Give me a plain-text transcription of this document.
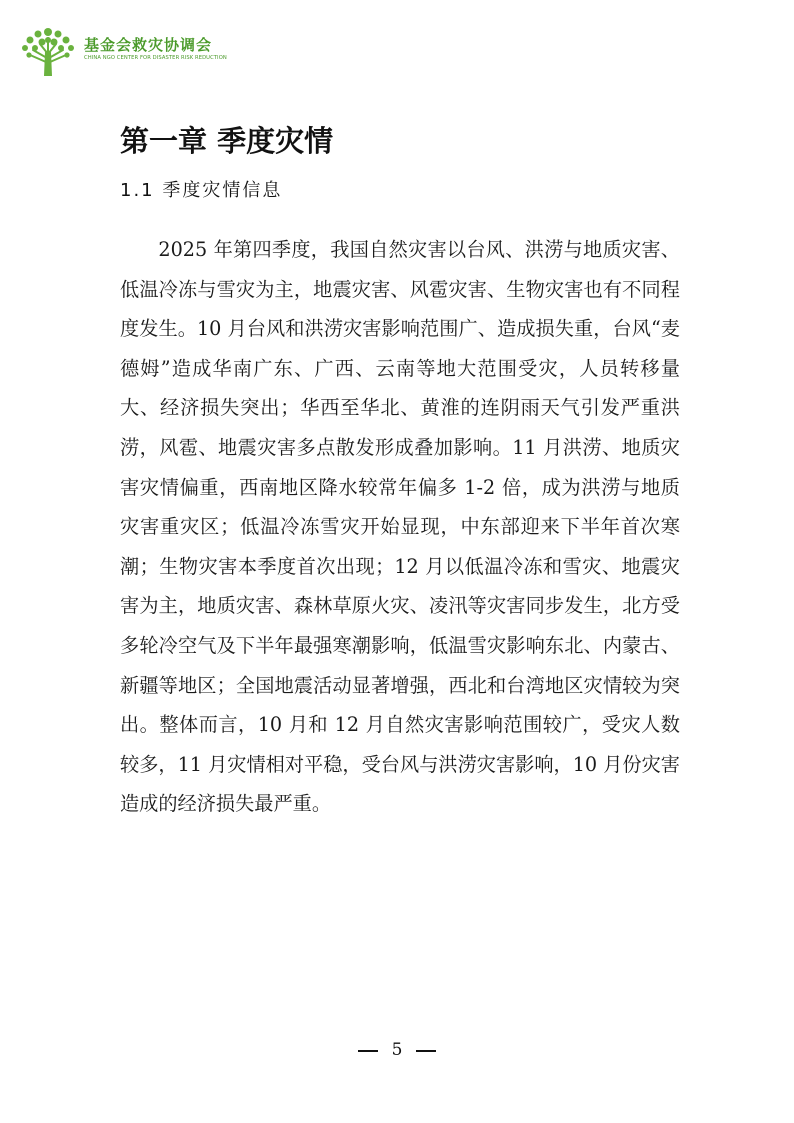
基金会救灾协调会
CHINA NGO CENTER FOR DISASTER RISK REDUCTION
第一章 季度灾情
1.1 季度灾情信息

2025 年第四季度，我国自然灾害以台风、洪涝与地质灾害、低温冷冻与雪灾为主，地震灾害、风雹灾害、生物灾害也有不同程度发生。10 月台风和洪涝灾害影响范围广、造成损失重，台风“麦德姆”造成华南广东、广西、云南等地大范围受灾，人员转移量大、经济损失突出；华西至华北、黄淮的连阴雨天气引发严重洪涝，风雹、地震灾害多点散发形成叠加影响。11 月洪涝、地质灾害灾情偏重，西南地区降水较常年偏多 1-2 倍，成为洪涝与地质灾害重灾区；低温冷冻雪灾开始显现，中东部迎来下半年首次寒潮；生物灾害本季度首次出现；12 月以低温冷冻和雪灾、地震灾害为主，地质灾害、森林草原火灾、凌汛等灾害同步发生，北方受多轮冷空气及下半年最强寒潮影响，低温雪灾影响东北、内蒙古、新疆等地区；全国地震活动显著增强，西北和台湾地区灾情较为突出。整体而言，10 月和 12 月自然灾害影响范围较广，受灾人数较多，11 月灾情相对平稳，受台风与洪涝灾害影响，10 月份灾害造成的经济损失最严重。

5
